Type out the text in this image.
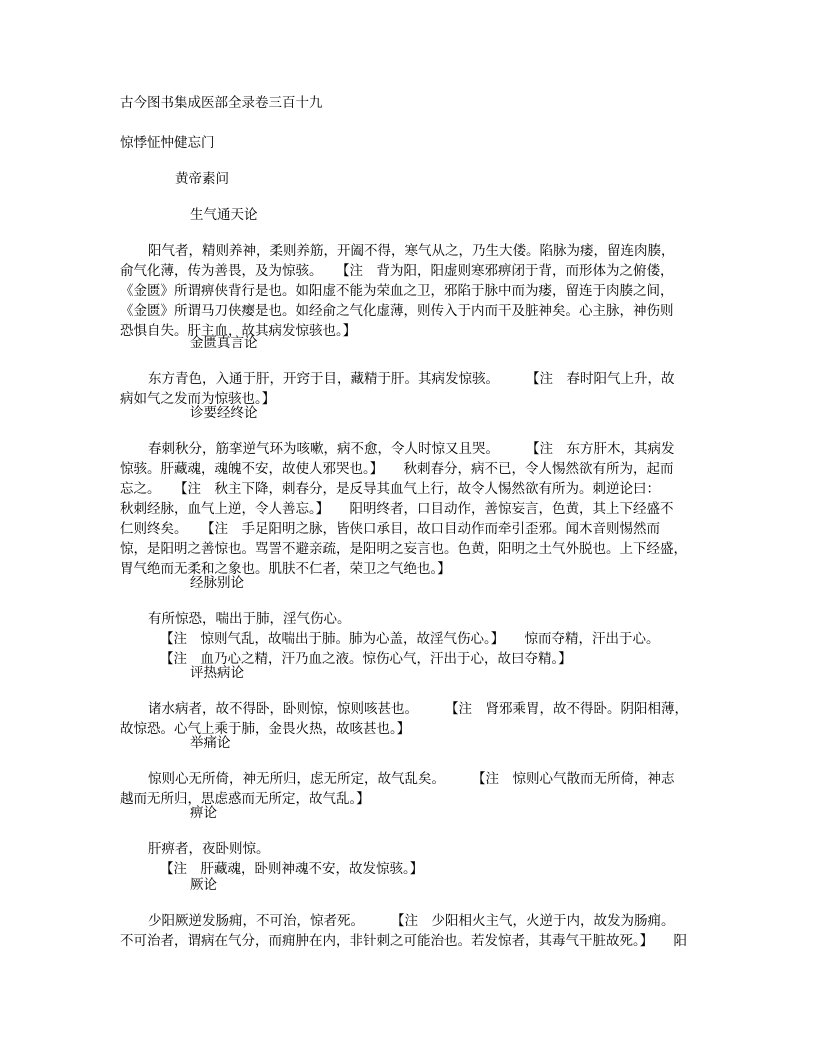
古今图书集成医部全录卷三百十九
惊悸怔忡健忘门
黄帝素问
生气通天论
阳气者，精则养神，柔则养筋，开阖不得，寒气从之，乃生大偻。陷脉为瘘，留连肉腠，
俞气化薄，传为善畏，及为惊骇。　　【注　背为阳，阳虚则寒邪痹闭于背，而形体为之俯偻，
《金匮》所谓痹侠背行是也。如阳虚不能为荣血之卫，邪陷于脉中而为瘘，留连于肉腠之间，
《金匮》所谓马刀侠瘿是也。如经俞之气化虚薄，则传入于内而干及脏神矣。心主脉，神伤则
恐惧自失。肝主血，故其病发惊骇也。】
金匮真言论
东方青色，入通于肝，开窍于目，藏精于肝。其病发惊骇。　　　【注　春时阳气上升，故
病如气之发而为惊骇也。】
诊要经终论
春刺秋分，筋挛逆气环为咳嗽，病不愈，令人时惊又且哭。　　　【注　东方肝木，其病发
惊骇。肝藏魂，魂魄不安，故使人邪哭也。】　　秋刺春分，病不已，令人惕然欲有所为，起而
忘之。　　【注　秋主下降，刺春分，是反导其血气上行，故令人惕然欲有所为。刺逆论曰：
秋刺经脉，血气上逆，令人善忘。】　　阳明终者，口目动作，善惊妄言，色黄，其上下经盛不
仁则终矣。　　【注　手足阳明之脉，皆侠口承目，故口目动作而牵引歪邪。闻木音则惕然而
惊，是阳明之善惊也。骂詈不避亲疏，是阳明之妄言也。色黄，阳明之土气外脱也。上下经盛，
胃气绝而无柔和之象也。肌肤不仁者，荣卫之气绝也。】
经脉别论
有所惊恐，喘出于肺，淫气伤心。
【注　惊则气乱，故喘出于肺。肺为心盖，故淫气伤心。】　　惊而夺精，汗出于心。
【注　血乃心之精，汗乃血之液。惊伤心气，汗出于心，故曰夺精。】
评热病论
诸水病者，故不得卧，卧则惊，惊则咳甚也。　　　【注　肾邪乘胃，故不得卧。阴阳相薄，
故惊恐。心气上乘于肺，金畏火热，故咳甚也。】
举痛论
惊则心无所倚，神无所归，虑无所定，故气乱矣。　　　【注　惊则心气散而无所倚，神志
越而无所归，思虑惑而无所定，故气乱。】
痹论
肝痹者，夜卧则惊。
【注　肝藏魂，卧则神魂不安，故发惊骇。】
厥论
少阳厥逆发肠痈，不可治，惊者死。　　　【注　少阳相火主气，火逆于内，故发为肠痈。
不可治者，谓病在气分，而痈肿在内，非针刺之可能治也。若发惊者，其毒气干脏故死。】　　阳
